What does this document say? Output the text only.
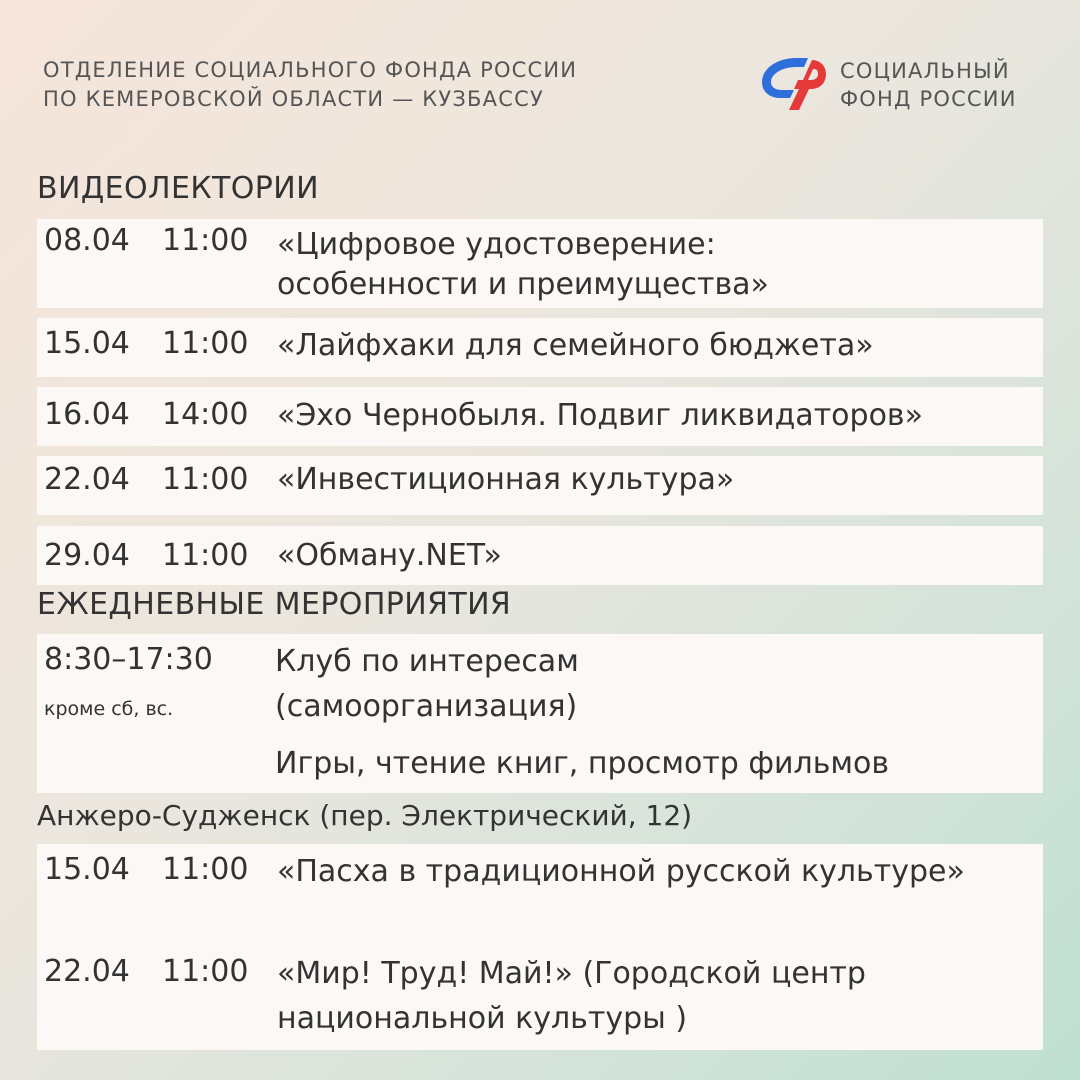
ОТДЕЛЕНИЕ СОЦИАЛЬНОГО ФОНДА РОССИИ
ПО КЕМЕРОВСКОЙ ОБЛАСТИ — КУЗБАССУ
СОЦИАЛЬНЫЙ
ФОНД РОССИИ
ВИДЕОЛЕКТОРИИ
08.04 11:00 «Цифровое удостоверение:
особенности и преимущества»
15.04 11:00 «Лайфхаки для семейного бюджета»
16.04 14:00 «Эхо Чернобыля. Подвиг ликвидаторов»
22.04 11:00 «Инвестиционная культура»
29.04 11:00 «Обману.NET»
ЕЖЕДНЕВНЫЕ МЕРОПРИЯТИЯ
8:30–17:30
кроме сб, вс.
Клуб по интересам
(самоорганизация)
Игры, чтение книг, просмотр фильмов
Анжеро-Судженск (пер. Электрический, 12)
15.04 11:00 «Пасха в традиционной русской культуре»
22.04 11:00 «Мир! Труд! Май!» (Городской центр
национальной культуры )
